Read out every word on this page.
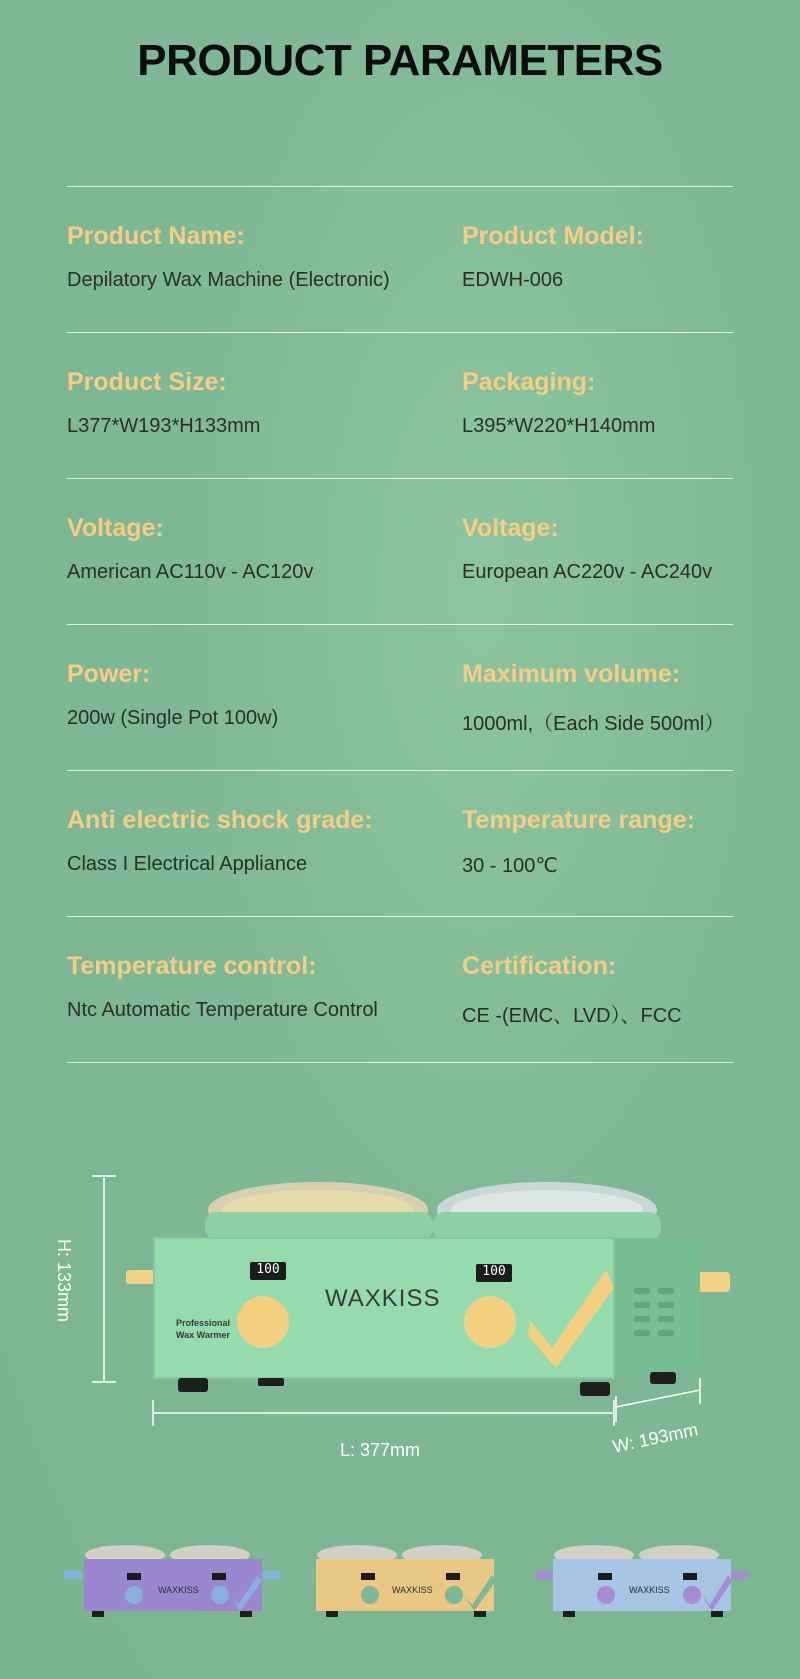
PRODUCT PARAMETERS
Product Name:
Depilatory Wax Machine (Electronic)
Product Model:
EDWH-006
Product Size:
L377*W193*H133mm
Packaging:
L395*W220*H140mm
Voltage:
American AC110v - AC120v
Voltage:
European AC220v - AC240v
Power:
200w (Single Pot 100w)
Maximum volume:
1000ml,（Each Side 500ml）
Anti electric shock grade:
Class I Electrical Appliance
Temperature range:
30 - 100℃
Temperature control:
Ntc Automatic Temperature Control
Certification:
CE -(EMC、LVD）、FCC
H: 133mm
L: 377mm	W: 193mm
100	100
WAXKISS
Professional
Wax Warmer
WAXKISS	WAXKISS	WAXKISS
